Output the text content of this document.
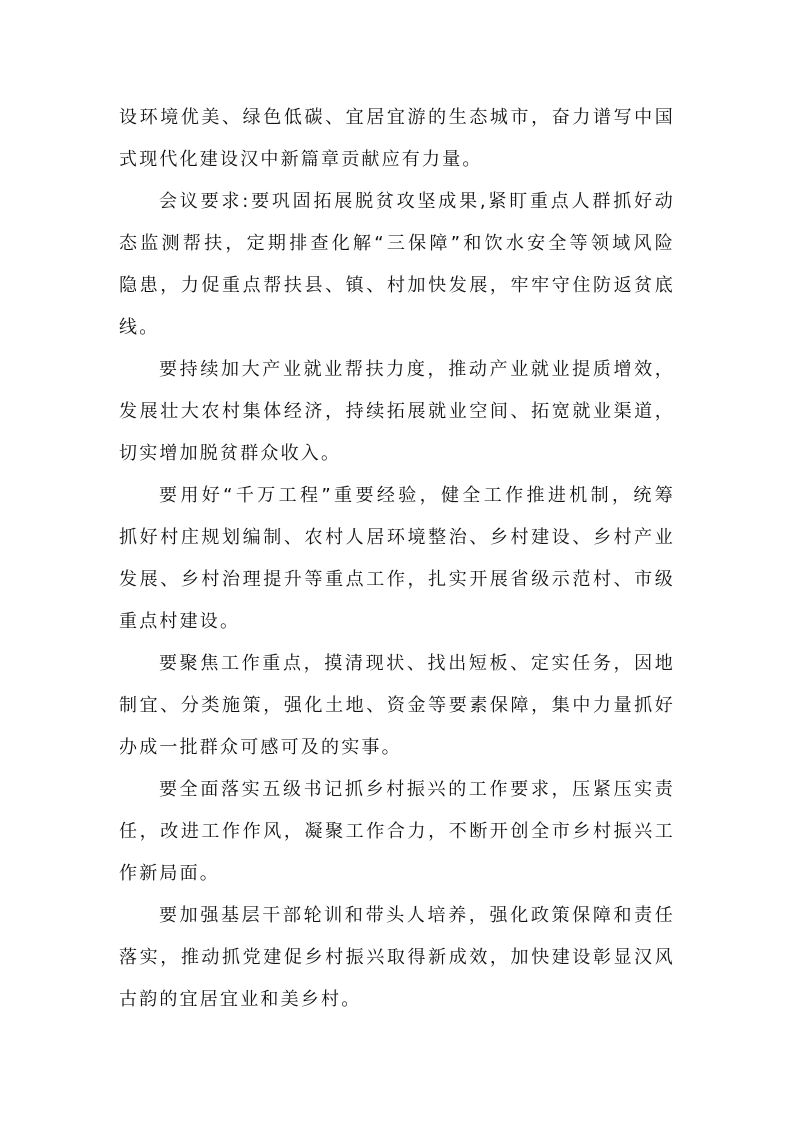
设环境优美、绿色低碳、宜居宜游的生态城市，奋力谱写中国
式现代化建设汉中新篇章贡献应有力量。
会议要求:要巩固拓展脱贫攻坚成果,紧盯重点人群抓好动
态监测帮扶，定期排查化解“三保障”和饮水安全等领域风险
隐患，力促重点帮扶县、镇、村加快发展，牢牢守住防返贫底
线。
要持续加大产业就业帮扶力度，推动产业就业提质增效，
发展壮大农村集体经济，持续拓展就业空间、拓宽就业渠道，
切实增加脱贫群众收入。
要用好“千万工程”重要经验，健全工作推进机制，统筹
抓好村庄规划编制、农村人居环境整治、乡村建设、乡村产业
发展、乡村治理提升等重点工作，扎实开展省级示范村、市级
重点村建设。
要聚焦工作重点，摸清现状、找出短板、定实任务，因地
制宜、分类施策，强化土地、资金等要素保障，集中力量抓好
办成一批群众可感可及的实事。
要全面落实五级书记抓乡村振兴的工作要求，压紧压实责
任，改进工作作风，凝聚工作合力，不断开创全市乡村振兴工
作新局面。
要加强基层干部轮训和带头人培养，强化政策保障和责任
落实，推动抓党建促乡村振兴取得新成效，加快建设彰显汉风
古韵的宜居宜业和美乡村。
